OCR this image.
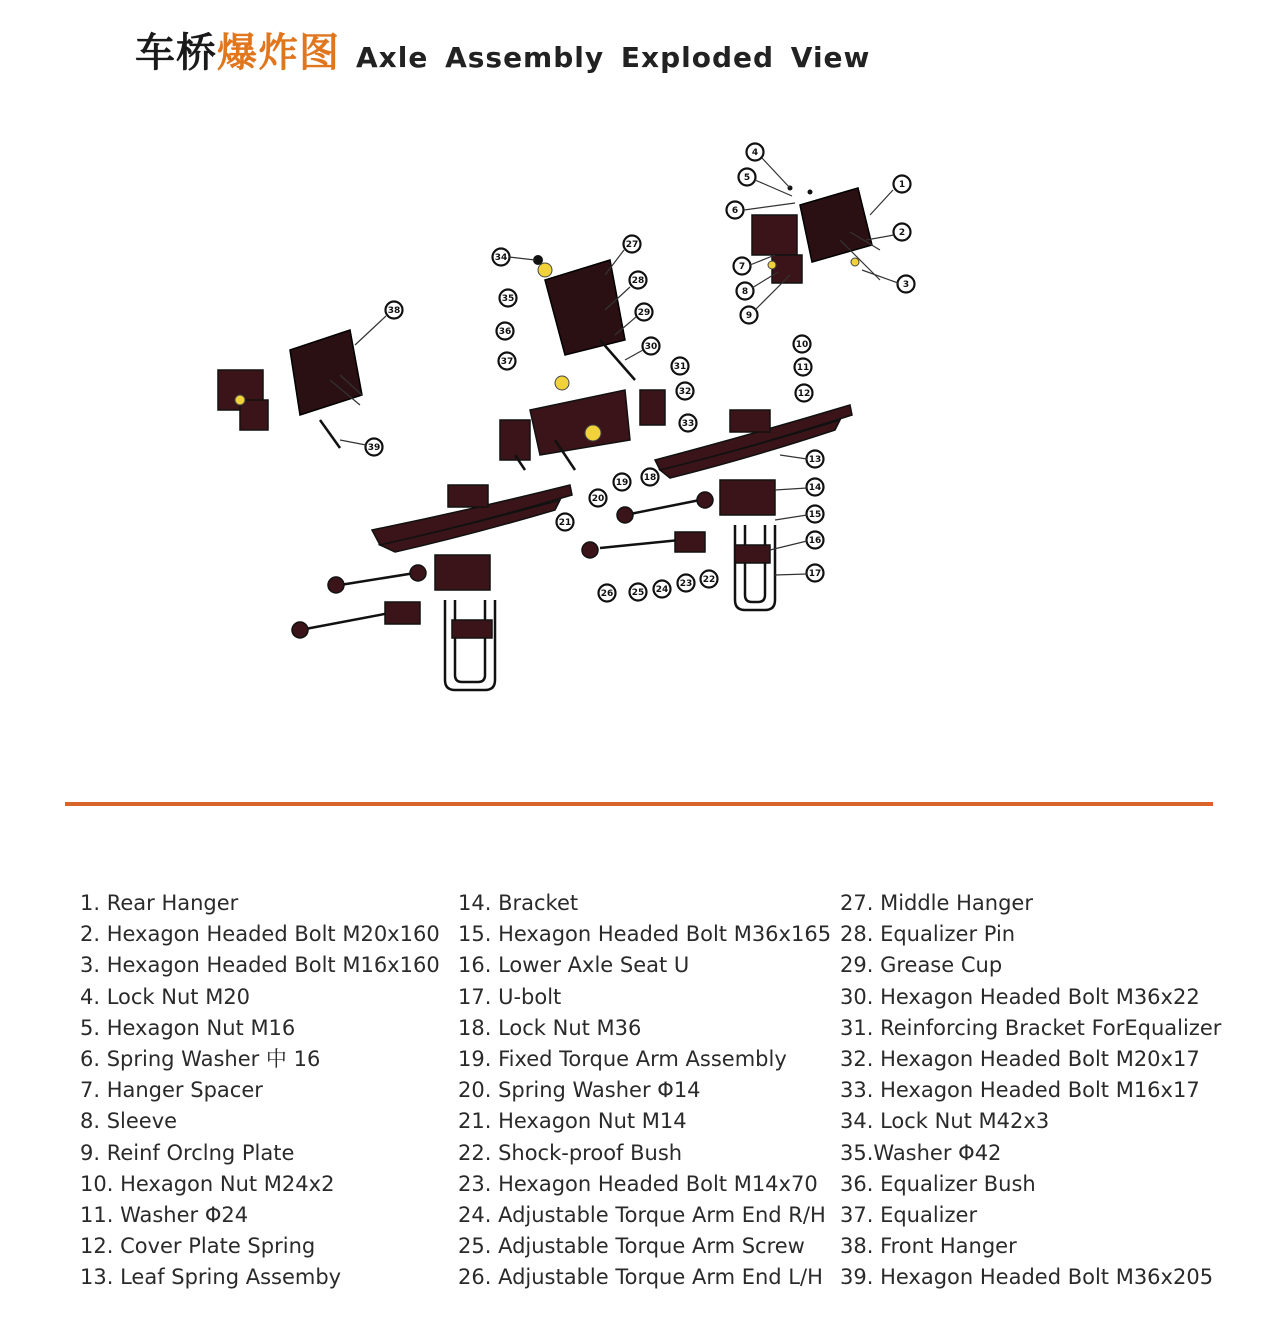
车桥 爆炸图 Axle Assembly Exploded View
1
2
3
4
5
6
7
8
9
10
11
12
13
14
15
16
17
18
19
20
21
22
23
24
25
26
27
28
29
30
31
32
33
34
35
36
37
38
39
1. Rear Hanger
2. Hexagon Headed Bolt M20x160
3. Hexagon Headed Bolt M16x160
4. Lock Nut M20
5. Hexagon Nut M16
6. Spring Washer 中 16
7. Hanger Spacer
8. Sleeve
9. Reinf Orclng Plate
10. Hexagon Nut M24x2
11. Washer Φ24
12. Cover Plate Spring
13. Leaf Spring Assemby
14. Bracket
15. Hexagon Headed Bolt M36x165
16. Lower Axle Seat U
17. U-bolt
18. Lock Nut M36
19. Fixed Torque Arm Assembly
20. Spring Washer Φ14
21. Hexagon Nut M14
22. Shock-proof Bush
23. Hexagon Headed Bolt M14x70
24. Adjustable Torque Arm End R/H
25. Adjustable Torque Arm Screw
26. Adjustable Torque Arm End L/H
27. Middle Hanger
28. Equalizer Pin
29. Grease Cup
30. Hexagon Headed Bolt M36x22
31. Reinforcing Bracket ForEqualizer
32. Hexagon Headed Bolt M20x17
33. Hexagon Headed Bolt M16x17
34. Lock Nut M42x3
35.Washer Φ42
36. Equalizer Bush
37. Equalizer
38. Front Hanger
39. Hexagon Headed Bolt M36x205
